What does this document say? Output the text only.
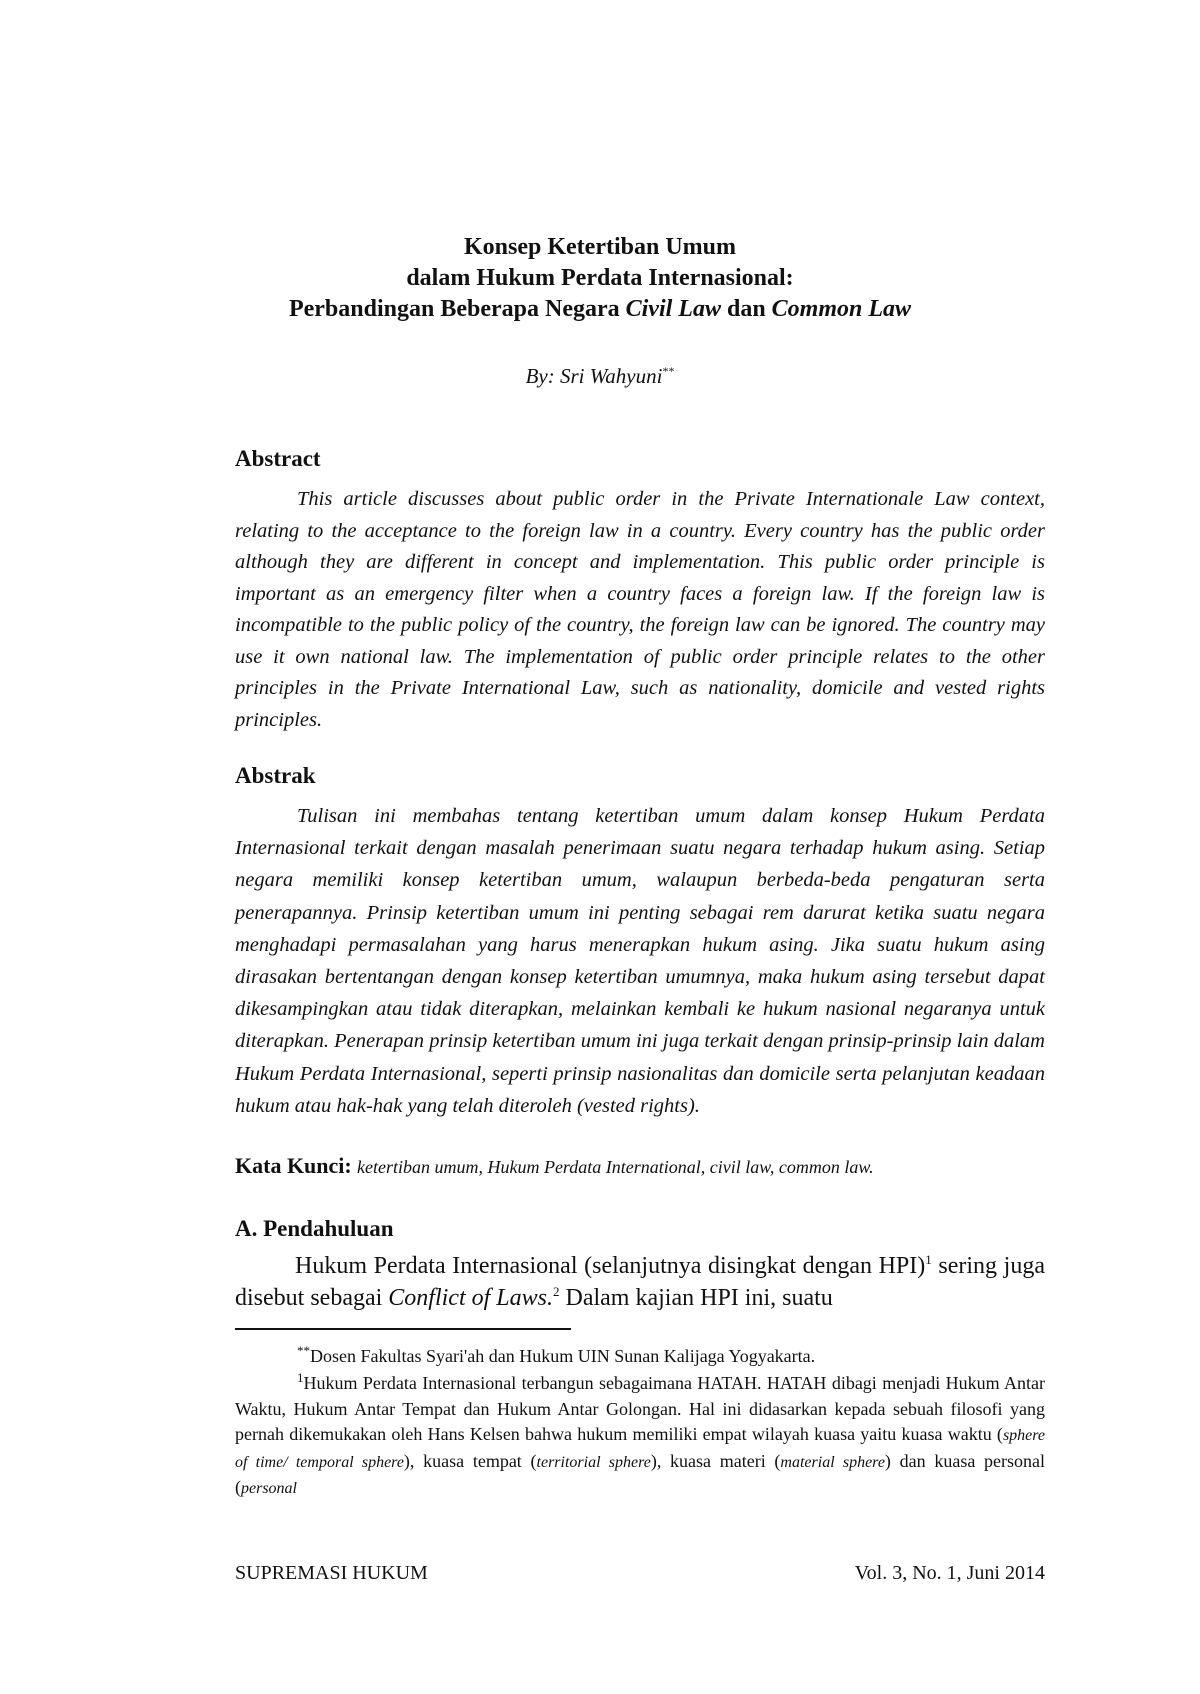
Konsep Ketertiban Umum
dalam Hukum Perdata Internasional:
Perbandingan Beberapa Negara Civil Law dan Common Law
By: Sri Wahyuni**
Abstract
This article discusses about public order in the Private Internationale Law context, relating to the acceptance to the foreign law in a country. Every country has the public order although they are different in concept and implementation. This public order principle is important as an emergency filter when a country faces a foreign law. If the foreign law is incompatible to the public policy of the country, the foreign law can be ignored. The country may use it own national law. The implementation of public order principle relates to the other principles in the Private International Law, such as nationality, domicile and vested rights principles.
Abstrak
Tulisan ini membahas tentang ketertiban umum dalam konsep Hukum Perdata Internasional terkait dengan masalah penerimaan suatu negara terhadap hukum asing. Setiap negara memiliki konsep ketertiban umum, walaupun berbeda-beda pengaturan serta penerapannya. Prinsip ketertiban umum ini penting sebagai rem darurat ketika suatu negara menghadapi permasalahan yang harus menerapkan hukum asing. Jika suatu hukum asing dirasakan bertentangan dengan konsep ketertiban umumnya, maka hukum asing tersebut dapat dikesampingkan atau tidak diterapkan, melainkan kembali ke hukum nasional negaranya untuk diterapkan. Penerapan prinsip ketertiban umum ini juga terkait dengan prinsip-prinsip lain dalam Hukum Perdata Internasional, seperti prinsip nasionalitas dan domicile serta pelanjutan keadaan hukum atau hak-hak yang telah diteroleh (vested rights).
Kata Kunci: ketertiban umum, Hukum Perdata International, civil law, common law.
A. Pendahuluan
Hukum Perdata Internasional (selanjutnya disingkat dengan HPI)$^1$ sering juga disebut sebagai Conflict of Laws.$^2$ Dalam kajian HPI ini, suatu
**Dosen Fakultas Syari'ah dan Hukum UIN Sunan Kalijaga Yogyakarta.
$^1$Hukum Perdata Internasional terbangun sebagaimana HATAH. HATAH dibagi menjadi Hukum Antar Waktu, Hukum Antar Tempat dan Hukum Antar Golongan. Hal ini didasarkan kepada sebuah filosofi yang pernah dikemukakan oleh Hans Kelsen bahwa hukum memiliki empat wilayah kuasa yaitu kuasa waktu (sphere of time/ temporal sphere), kuasa tempat (territorial sphere), kuasa materi (material sphere) dan kuasa personal (personal
SUPREMASI HUKUM	Vol. 3, No. 1, Juni 2014
